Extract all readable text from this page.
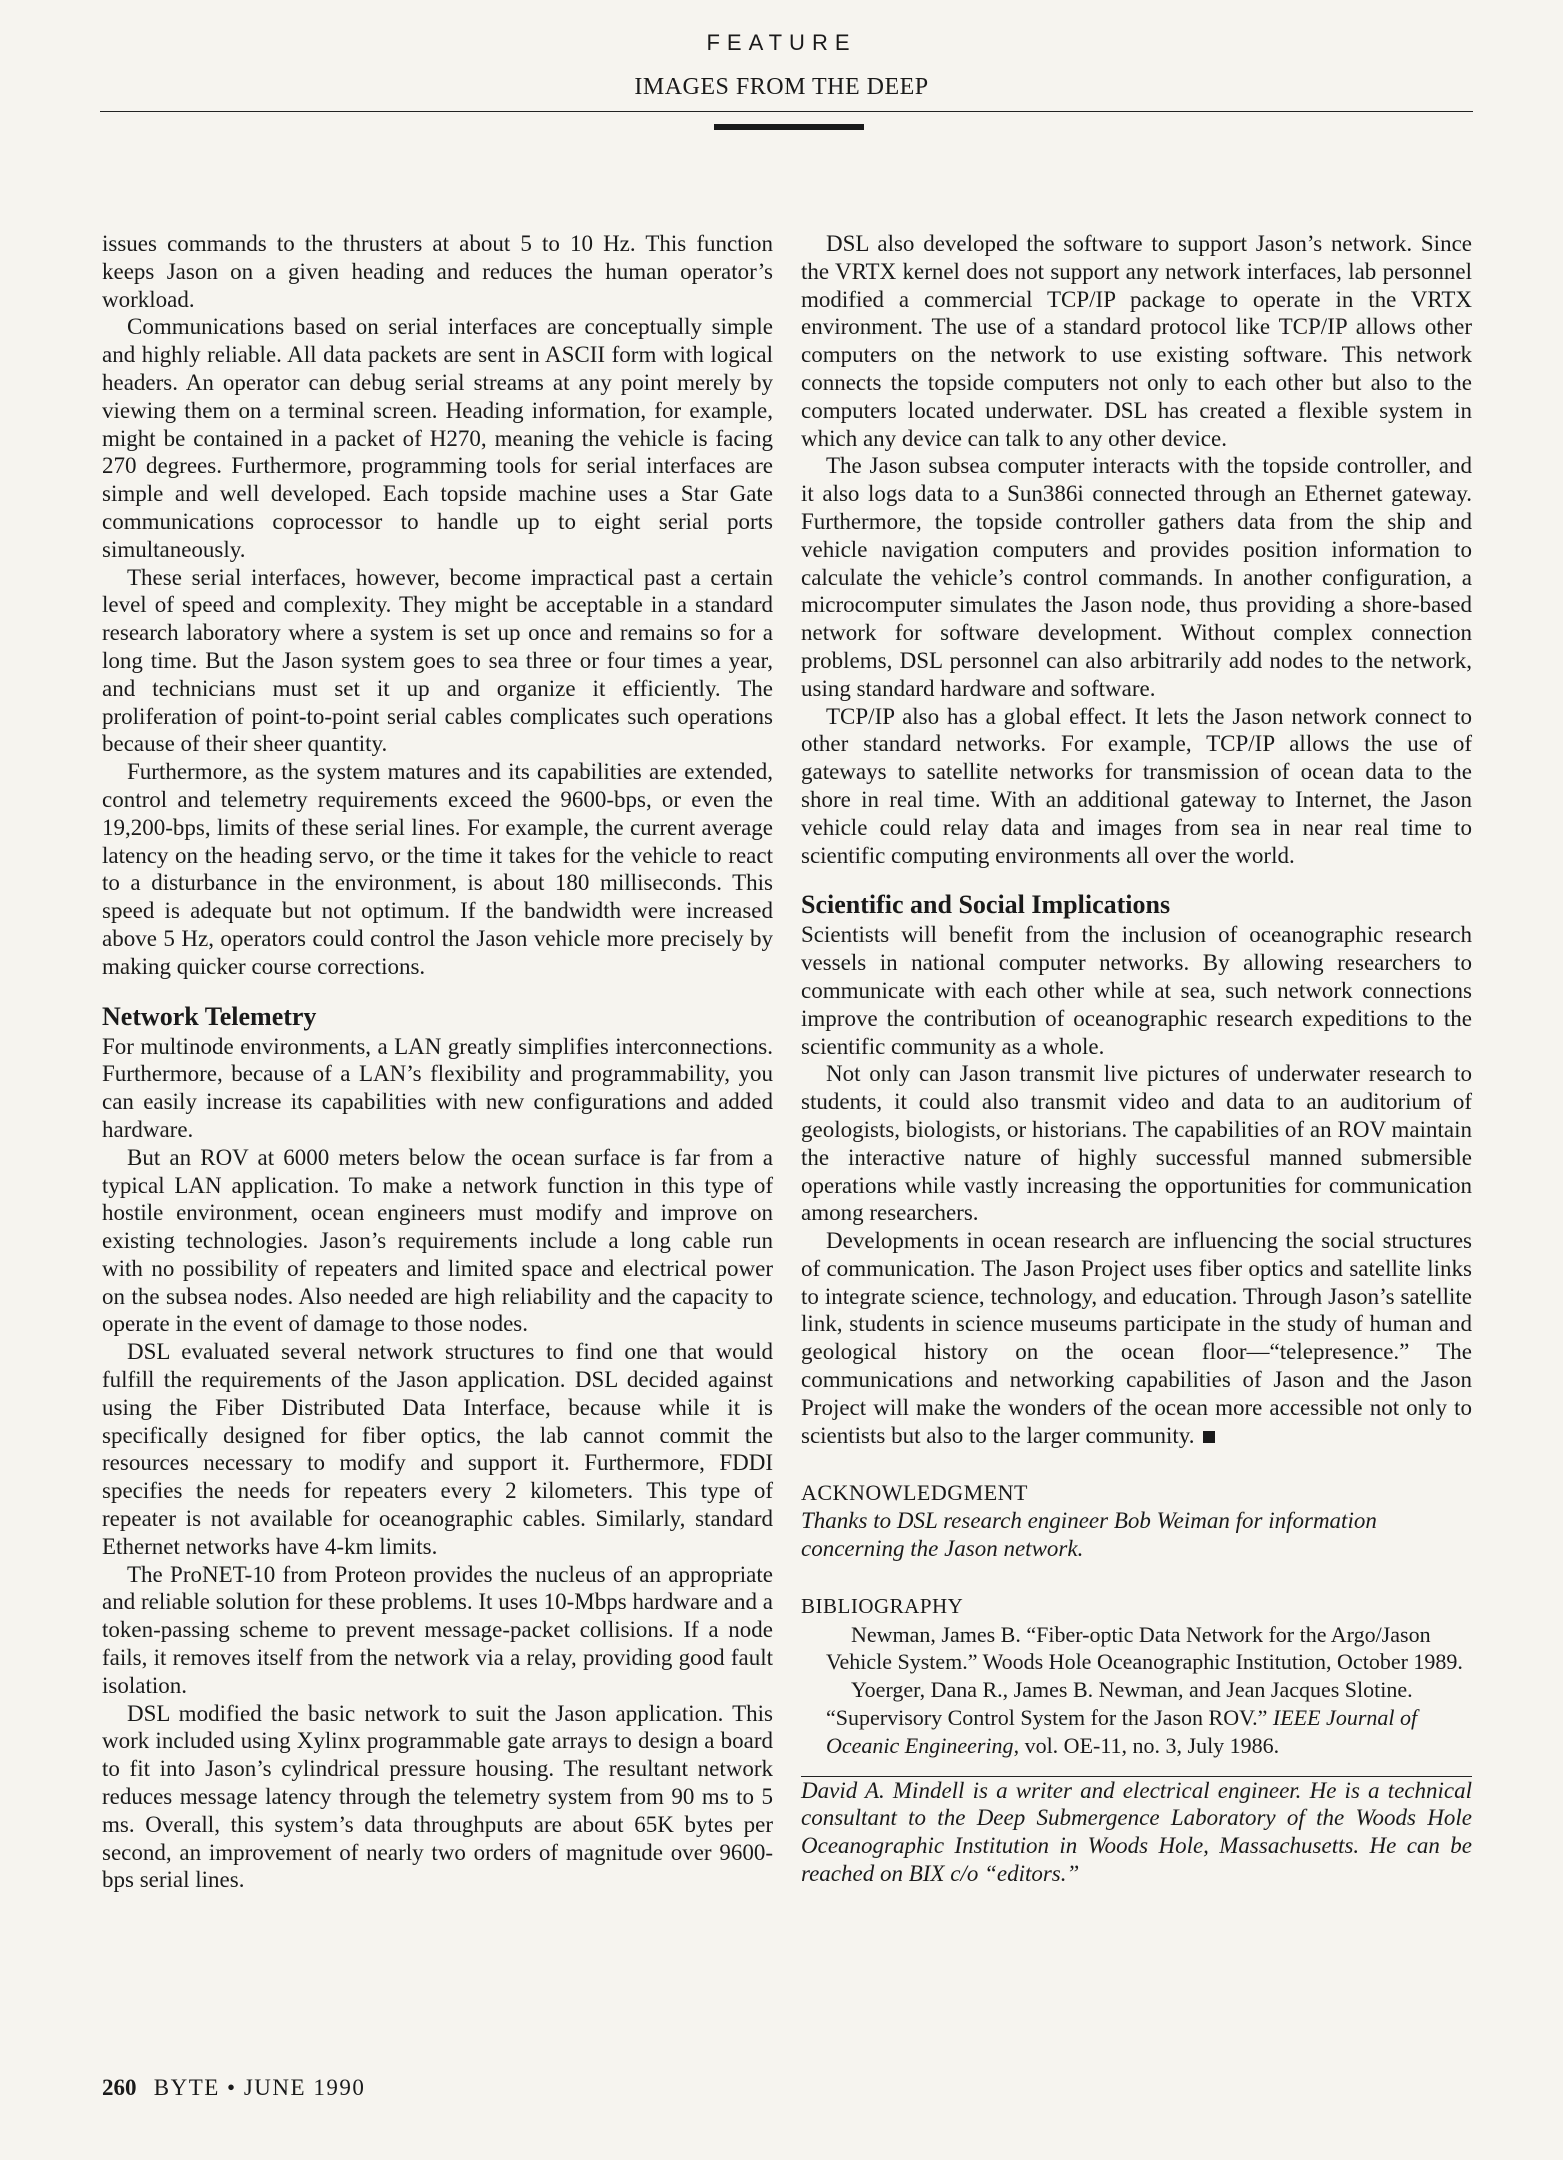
FEATURE
IMAGES FROM THE DEEP

issues commands to the thrusters at about 5 to 10 Hz. This function keeps Jason on a given heading and reduces the human operator’s workload.

Communications based on serial interfaces are conceptually simple and highly reliable. All data packets are sent in ASCII form with logical headers. An operator can debug serial streams at any point merely by viewing them on a terminal screen. Heading information, for example, might be contained in a packet of H270, meaning the vehicle is facing 270 degrees. Furthermore, programming tools for serial interfaces are simple and well developed. Each topside machine uses a Star Gate communications coprocessor to handle up to eight serial ports simultaneously.

These serial interfaces, however, become impractical past a certain level of speed and complexity. They might be acceptable in a standard research laboratory where a system is set up once and remains so for a long time. But the Jason system goes to sea three or four times a year, and technicians must set it up and organize it efficiently. The proliferation of point-to-point serial cables complicates such operations because of their sheer quantity.

Furthermore, as the system matures and its capabilities are extended, control and telemetry requirements exceed the 9600-bps, or even the 19,200-bps, limits of these serial lines. For example, the current average latency on the heading servo, or the time it takes for the vehicle to react to a disturbance in the environment, is about 180 milliseconds. This speed is adequate but not optimum. If the bandwidth were increased above 5 Hz, operators could control the Jason vehicle more precisely by making quicker course corrections.

Network Telemetry

For multinode environments, a LAN greatly simplifies interconnections. Furthermore, because of a LAN’s flexibility and programmability, you can easily increase its capabilities with new configurations and added hardware.

But an ROV at 6000 meters below the ocean surface is far from a typical LAN application. To make a network function in this type of hostile environment, ocean engineers must modify and improve on existing technologies. Jason’s requirements include a long cable run with no possibility of repeaters and limited space and electrical power on the subsea nodes. Also needed are high reliability and the capacity to operate in the event of damage to those nodes.

DSL evaluated several network structures to find one that would fulfill the requirements of the Jason application. DSL decided against using the Fiber Distributed Data Interface, because while it is specifically designed for fiber optics, the lab cannot commit the resources necessary to modify and support it. Furthermore, FDDI specifies the needs for repeaters every 2 kilometers. This type of repeater is not available for oceanographic cables. Similarly, standard Ethernet networks have 4-km limits.

The ProNET-10 from Proteon provides the nucleus of an appropriate and reliable solution for these problems. It uses 10-Mbps hardware and a token-passing scheme to prevent message-packet collisions. If a node fails, it removes itself from the network via a relay, providing good fault isolation.

DSL modified the basic network to suit the Jason application. This work included using Xylinx programmable gate arrays to design a board to fit into Jason’s cylindrical pressure housing. The resultant network reduces message latency through the telemetry system from 90 ms to 5 ms. Overall, this system’s data throughputs are about 65K bytes per second, an improvement of nearly two orders of magnitude over 9600-bps serial lines.

DSL also developed the software to support Jason’s network. Since the VRTX kernel does not support any network interfaces, lab personnel modified a commercial TCP/IP package to operate in the VRTX environment. The use of a standard protocol like TCP/IP allows other computers on the network to use existing software. This network connects the topside computers not only to each other but also to the computers located underwater. DSL has created a flexible system in which any device can talk to any other device.

The Jason subsea computer interacts with the topside controller, and it also logs data to a Sun386i connected through an Ethernet gateway. Furthermore, the topside controller gathers data from the ship and vehicle navigation computers and provides position information to calculate the vehicle’s control commands. In another configuration, a microcomputer simulates the Jason node, thus providing a shore-based network for software development. Without complex connection problems, DSL personnel can also arbitrarily add nodes to the network, using standard hardware and software.

TCP/IP also has a global effect. It lets the Jason network connect to other standard networks. For example, TCP/IP allows the use of gateways to satellite networks for transmission of ocean data to the shore in real time. With an additional gateway to Internet, the Jason vehicle could relay data and images from sea in near real time to scientific computing environments all over the world.

Scientific and Social Implications

Scientists will benefit from the inclusion of oceanographic research vessels in national computer networks. By allowing researchers to communicate with each other while at sea, such network connections improve the contribution of oceanographic research expeditions to the scientific community as a whole.

Not only can Jason transmit live pictures of underwater research to students, it could also transmit video and data to an auditorium of geologists, biologists, or historians. The capabilities of an ROV maintain the interactive nature of highly successful manned submersible operations while vastly increasing the opportunities for communication among researchers.

Developments in ocean research are influencing the social structures of communication. The Jason Project uses fiber optics and satellite links to integrate science, technology, and education. Through Jason’s satellite link, students in science museums participate in the study of human and geological history on the ocean floor—“telepresence.” The communications and networking capabilities of Jason and the Jason Project will make the wonders of the ocean more accessible not only to scientists but also to the larger community.

ACKNOWLEDGMENT

Thanks to DSL research engineer Bob Weiman for information concerning the Jason network.

BIBLIOGRAPHY

Newman, James B. “Fiber-optic Data Network for the Argo/Jason Vehicle System.” Woods Hole Oceanographic Institution, October 1989.

Yoerger, Dana R., James B. Newman, and Jean Jacques Slotine. “Supervisory Control System for the Jason ROV.” IEEE Journal of Oceanic Engineering, vol. OE-11, no. 3, July 1986.

David A. Mindell is a writer and electrical engineer. He is a technical consultant to the Deep Submergence Laboratory of the Woods Hole Oceanographic Institution in Woods Hole, Massachusetts. He can be reached on BIX c/o “editors.”

260 BYTE • JUNE 1990
